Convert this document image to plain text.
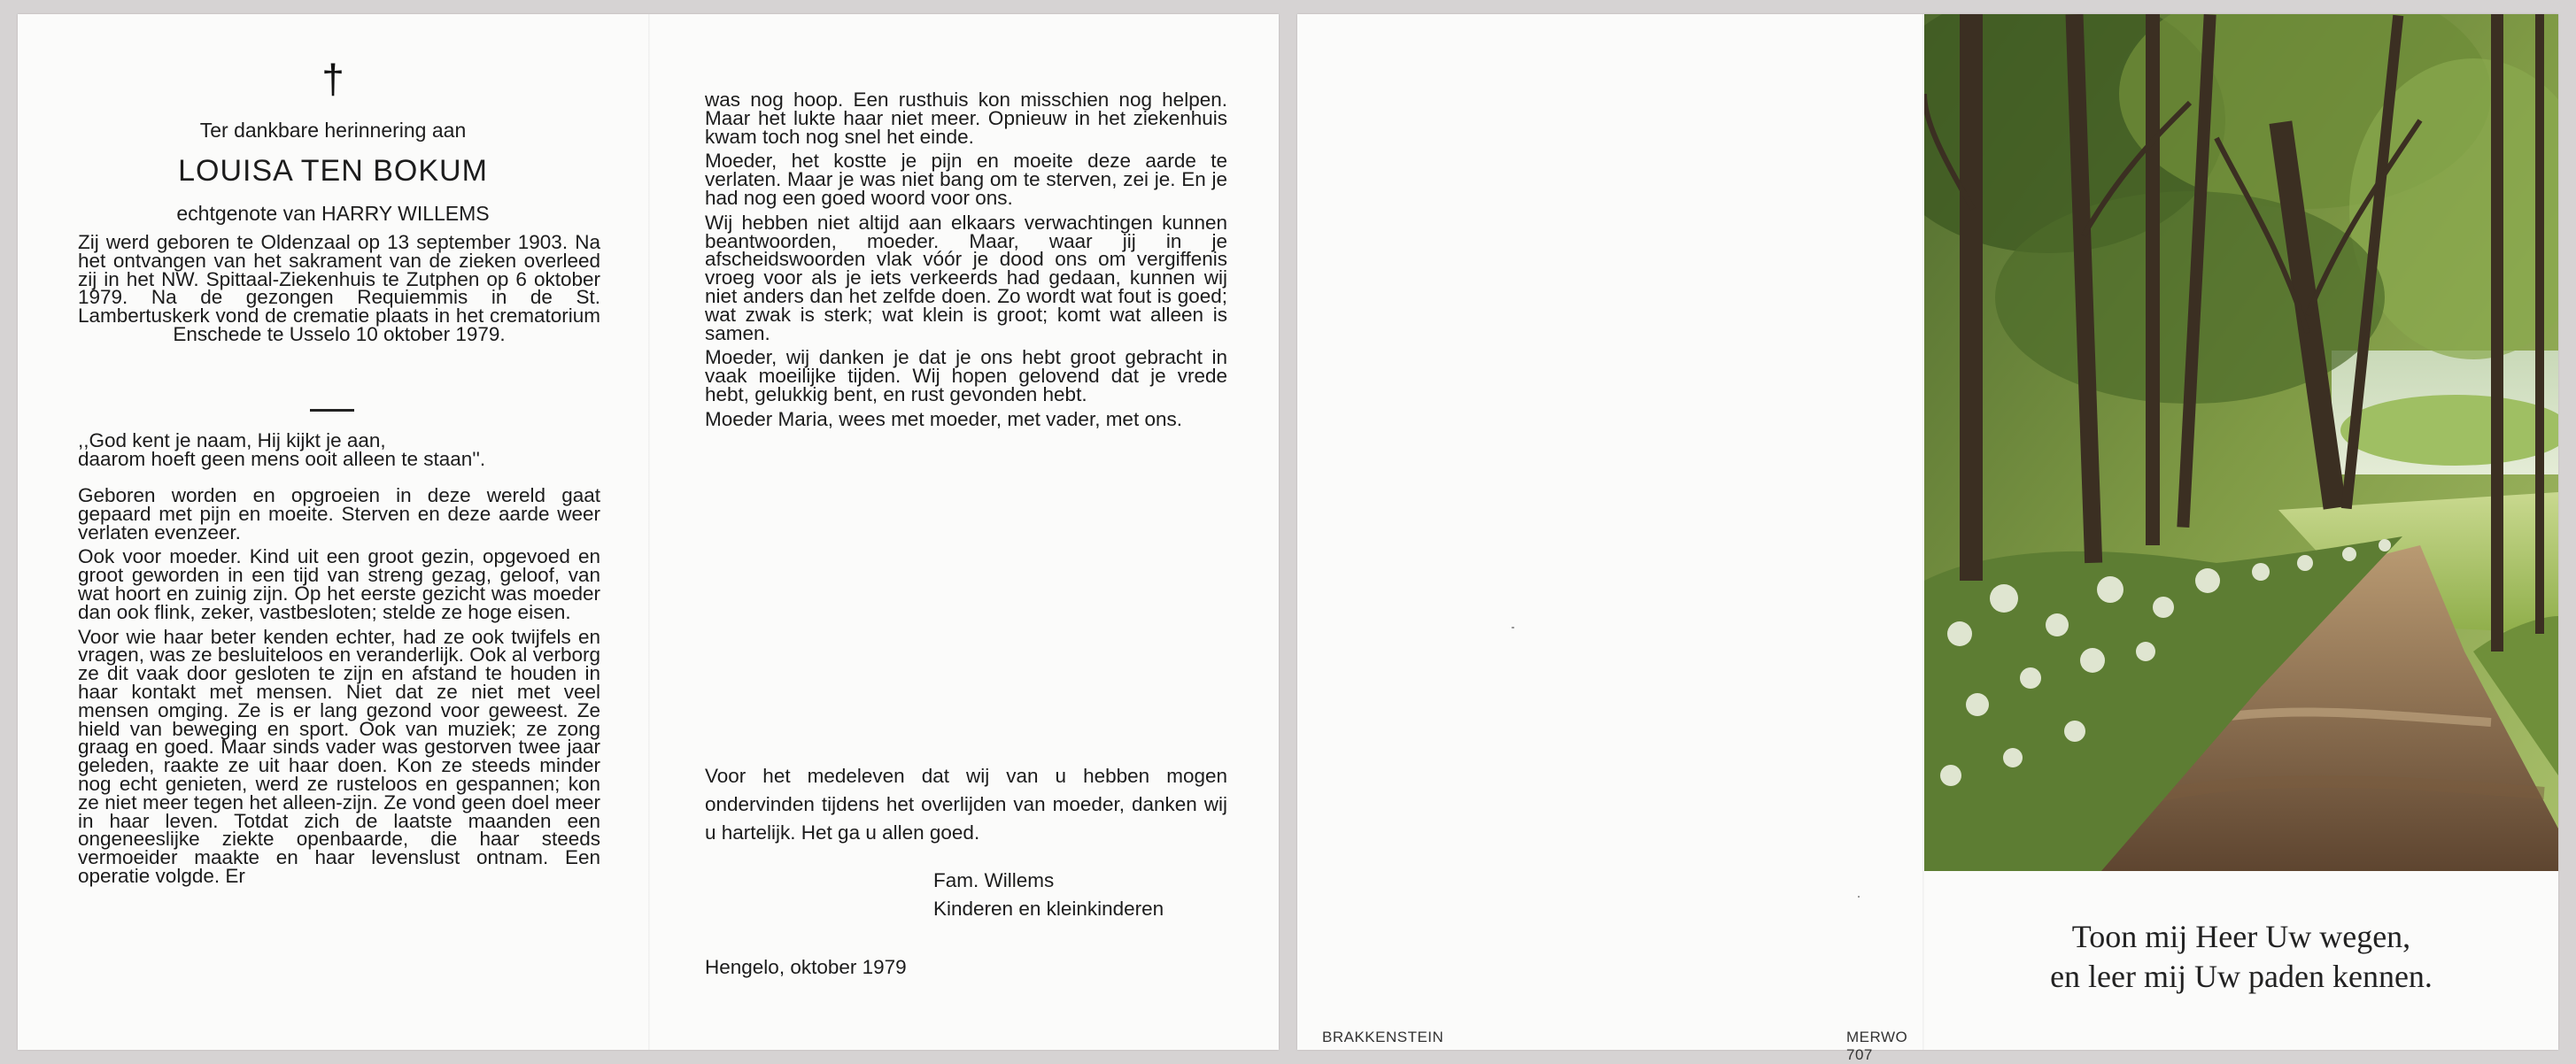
†
Ter dankbare herinnering aan
LOUISA TEN BOKUM
echtgenote van HARRY WILLEMS

Zij werd geboren te Oldenzaal op 13 september 1903. Na het ontvangen van het sakrament van de zieken overleed zij in het NW. Spittaal-Ziekenhuis te Zutphen op 6 oktober 1979. Na de gezongen Requiemmis in de St. Lambertuskerk vond de crematie plaats in het crematorium Enschede te Usselo 10 oktober 1979.

,,God kent je naam, Hij kijkt je aan,
daarom hoeft geen mens ooit alleen te staan''.

Geboren worden en opgroeien in deze wereld gaat gepaard met pijn en moeite. Sterven en deze aarde weer verlaten evenzeer.

Ook voor moeder. Kind uit een groot gezin, opgevoed en groot geworden in een tijd van streng gezag, geloof, van wat hoort en zuinig zijn. Op het eerste gezicht was moeder dan ook flink, zeker, vastbesloten; stelde ze hoge eisen.

Voor wie haar beter kenden echter, had ze ook twijfels en vragen, was ze besluiteloos en veranderlijk. Ook al verborg ze dit vaak door gesloten te zijn en afstand te houden in haar kontakt met mensen. Niet dat ze niet met veel mensen omging. Ze is er lang gezond voor geweest. Ze hield van beweging en sport. Ook van muziek; ze zong graag en goed. Maar sinds vader was gestorven twee jaar geleden, raakte ze uit haar doen. Kon ze steeds minder nog echt genieten, werd ze rusteloos en gespannen; kon ze niet meer tegen het alleen-zijn. Ze vond geen doel meer in haar leven. Totdat zich de laatste maanden een ongeneeslijke ziekte openbaarde, die haar steeds vermoeider maakte en haar levenslust ontnam. Een operatie volgde. Er

was nog hoop. Een rusthuis kon misschien nog helpen. Maar het lukte haar niet meer. Opnieuw in het ziekenhuis kwam toch nog snel het einde.

Moeder, het kostte je pijn en moeite deze aarde te verlaten. Maar je was niet bang om te sterven, zei je. En je had nog een goed woord voor ons.

Wij hebben niet altijd aan elkaars verwachtingen kunnen beantwoorden, moeder. Maar, waar jij in je afscheidswoorden vlak vóór je dood ons om vergiffenis vroeg voor als je iets verkeerds had gedaan, kunnen wij niet anders dan het zelfde doen. Zo wordt wat fout is goed; wat zwak is sterk; wat klein is groot; komt wat alleen is samen.

Moeder, wij danken je dat je ons hebt groot gebracht in vaak moeilijke tijden. Wij hopen gelovend dat je vrede hebt, gelukkig bent, en rust gevonden hebt.

Moeder Maria, wees met moeder, met vader, met ons.

Voor het medeleven dat wij van u hebben mogen ondervinden tijdens het overlijden van moeder, danken wij u hartelijk. Het ga u allen goed.

Fam. Willems
Kinderen en kleinkinderen
Hengelo, oktober 1979
BRAKKENSTEIN	MERWO 707
Toon mij Heer Uw wegen,
en leer mij Uw paden kennen.
